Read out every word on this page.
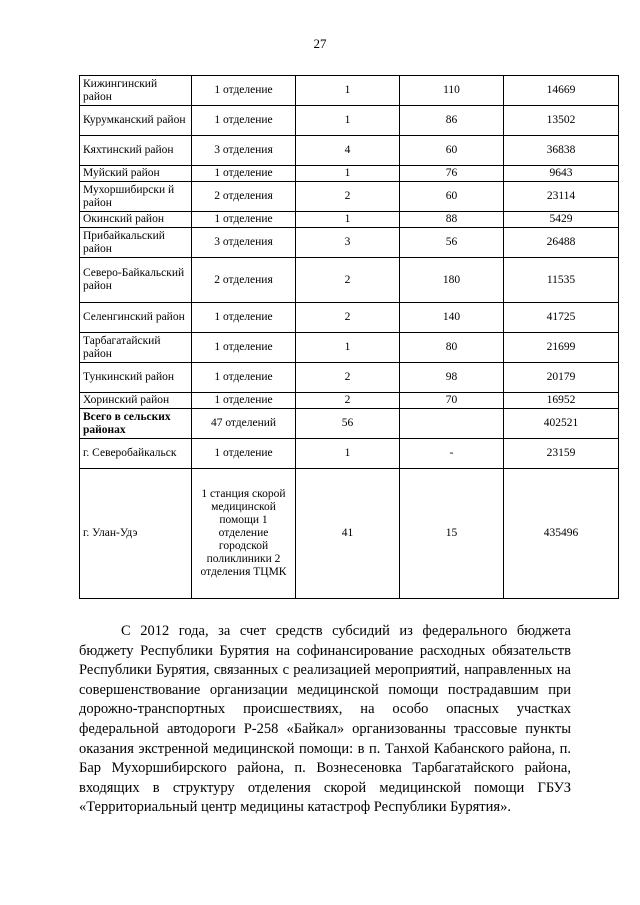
27
Кижингинский район	1 отделение	1	110	14669
Курумканский район	1 отделение	1	86	13502
Кяхтинский район	3 отделения	4	60	36838
Муйский район	1 отделение	1	76	9643
Мухоршибирски й район	2 отделения	2	60	23114
Окинский район	1 отделение	1	88	5429
Прибайкальский район	3 отделения	3	56	26488
Северо-Байкальский район	2 отделения	2	180	11535
Селенгинский район	1 отделение	2	140	41725
Тарбагатайский район	1 отделение	1	80	21699
Тункинский район	1 отделение	2	98	20179
Хоринский район	1 отделение	2	70	16952
Всего в сельских районах	47 отделений	56		402521
г. Северобайкальск	1 отделение	1	-	23159
г. Улан-Удэ	1 станция скорой медицинской помощи 1 отделение городской поликлиники 2 отделения ТЦМК	41	15	435496

С 2012 года, за счет средств субсидий из федерального бюджета бюджету Республики Бурятия на софинансирование расходных обязательств Республики Бурятия, связанных с реализацией мероприятий, направленных на совершенствование организации медицинской помощи пострадавшим при дорожно-транспортных происшествиях, на особо опасных участках федеральной автодороги Р-258 «Байкал» организованны трассовые пункты оказания экстренной медицинской помощи: в п. Танхой Кабанского района, п. Бар Мухоршибирского района, п. Вознесеновка Тарбагатайского района, входящих в структуру отделения скорой медицинской помощи ГБУЗ «Территориальный центр медицины катастроф Республики Бурятия».
